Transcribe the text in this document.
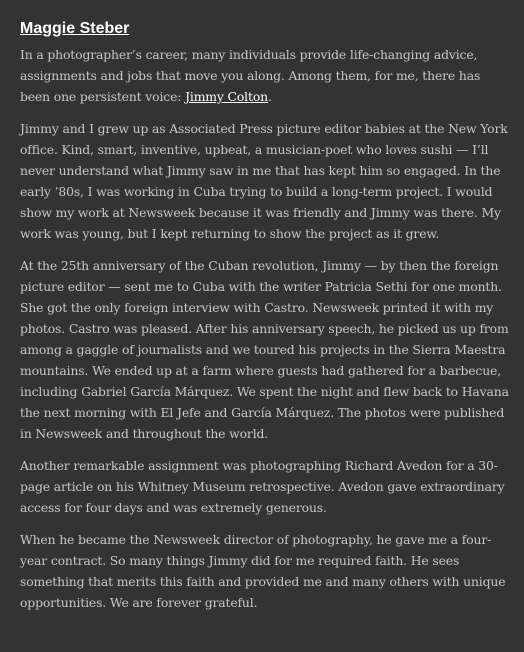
Maggie Steber

In a photographer’s career, many individuals provide life-changing advice, assignments and jobs that move you along. Among them, for me, there has been one persistent voice: Jimmy Colton.

Jimmy and I grew up as Associated Press picture editor babies at the New York office. Kind, smart, inventive, upbeat, a musician-poet who loves sushi — I’ll never understand what Jimmy saw in me that has kept him so engaged. In the early ’80s, I was working in Cuba trying to build a long-term project. I would show my work at Newsweek because it was friendly and Jimmy was there. My work was young, but I kept returning to show the project as it grew.

At the 25th anniversary of the Cuban revolution, Jimmy — by then the foreign picture editor — sent me to Cuba with the writer Patricia Sethi for one month. She got the only foreign interview with Castro. Newsweek printed it with my photos. Castro was pleased. After his anniversary speech, he picked us up from among a gaggle of journalists and we toured his projects in the Sierra Maestra mountains. We ended up at a farm where guests had gathered for a barbecue, including Gabriel García Márquez. We spent the night and flew back to Havana the next morning with El Jefe and García Márquez. The photos were published in Newsweek and throughout the world.

Another remarkable assignment was photographing Richard Avedon for a 30-page article on his Whitney Museum retrospective. Avedon gave extraordinary access for four days and was extremely generous.

When he became the Newsweek director of photography, he gave me a four-year contract. So many things Jimmy did for me required faith. He sees something that merits this faith and provided me and many others with unique opportunities. We are forever grateful.
